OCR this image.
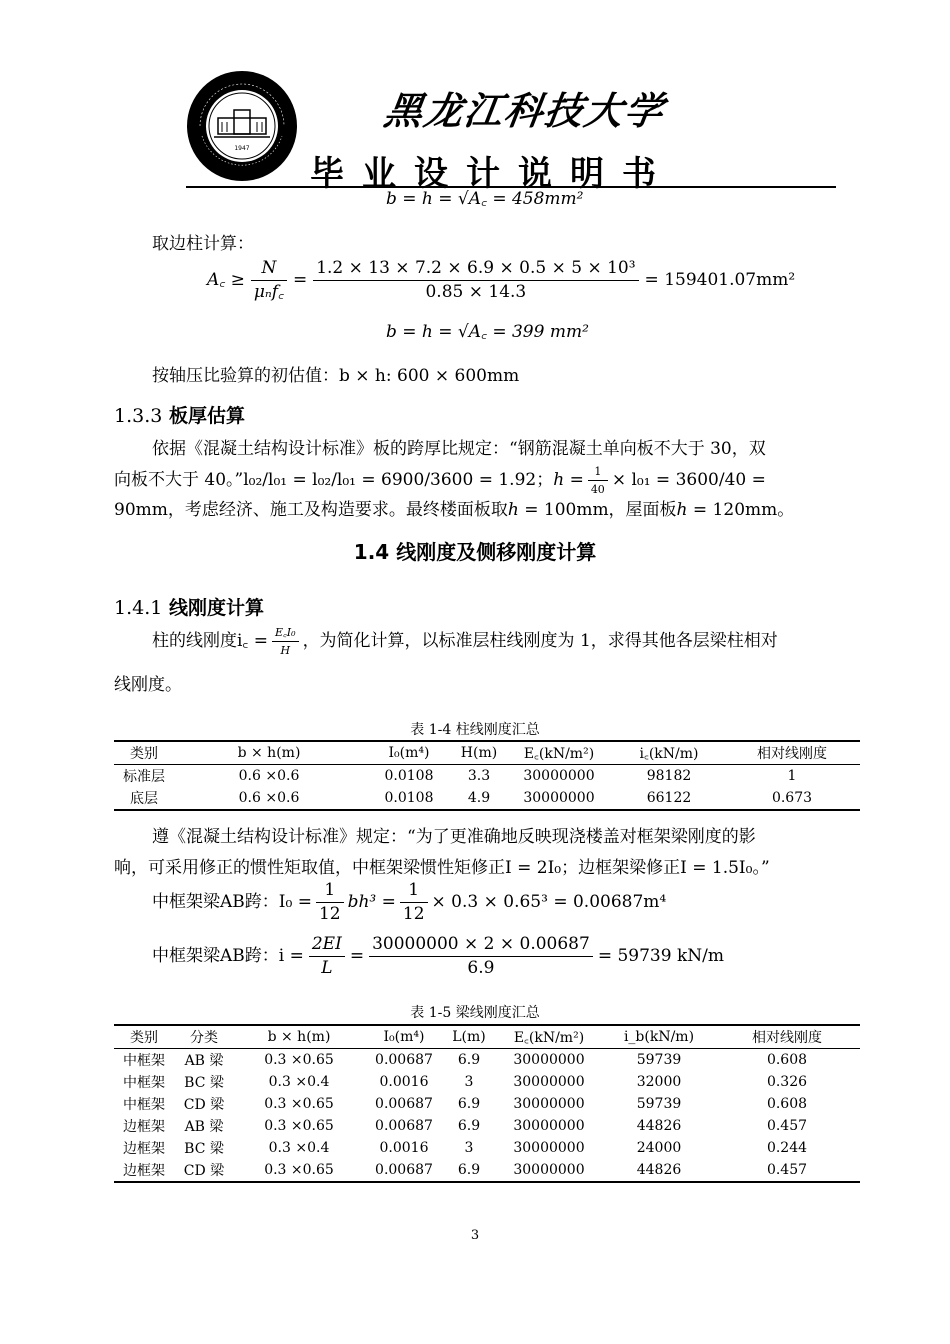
1947
黑龙江科技大学
毕业设计说明书
b = h = √A꜀ = 458mm²
取边柱计算：
A꜀ ≥ $\frac{N}{\text{μₙf꜀}} = \frac{\text{1.2 × 13 × 7.2 × 6.9 × 0.5 × 5 × 10³}}{0.85 \times 14.3} = 159401.07mm^2$
b = h = √A꜀ = 399 mm²
按轴压比验算的初估值：b × h: 600 × 600mm
1.3.3 板厚估算
依据《混凝土结构设计标准》板的跨厚比规定：“钢筋混凝土单向板不大于 30，双
向板不大于 40。”l₀₂/l₀₁ = l₀₂/l₀₁ = 6900/3600 = 1.92；ℎ = $\frac{1}{40} \times l_{01} = 3600/40$ =
90mm，考虑经济、施工及构造要求。最终楼面板取ℎ = 100mm，屋面板ℎ = 120mm。
1.4 线刚度及侧移刚度计算
1.4.1 线刚度计算
柱的线刚度i꜀ = $\frac{\text{E꜀I₀}}{H}$ ，为简化计算，以标准层柱线刚度为 1，求得其他各层梁柱相对
线刚度。
表 1-4 柱线刚度汇总
类别	b × h(m)	I₀(m⁴)	H(m)	E꜀(kN/m²)	i꜀(kN/m)	相对线刚度
标准层	0.6 ×0.6	0.0108	3.3	30000000	98182	1
底层	0.6 ×0.6	0.0108	4.9	30000000	66122	0.673
遵《混凝土结构设计标准》规定：“为了更准确地反映现浇楼盖对框架梁刚度的影
响，可采用修正的惯性矩取值，中框架梁惯性矩修正I = 2I₀；边框架梁修正I = 1.5I₀。”
中框架梁AB跨：$I_0 = \frac{1}{12} bh^3 = \frac{1}{12} \times 0.3 \times 0.65^3 = 0.00687m^4$
中框架梁AB跨：$i = \frac{2EI}{L} = \frac{30000000 \times 2 \times 0.00687}{6.9} = 59739$ kN/m
表 1-5 梁线刚度汇总
类别	分类	b × h(m)	I₀(m⁴)	L(m)	E꜀(kN/m²)	i_b(kN/m)	相对线刚度
中框架	AB 梁	0.3 ×0.65	0.00687	6.9	30000000	59739	0.608
中框架	BC 梁	0.3 ×0.4	0.0016	3	30000000	32000	0.326
中框架	CD 梁	0.3 ×0.65	0.00687	6.9	30000000	59739	0.608
边框架	AB 梁	0.3 ×0.65	0.00687	6.9	30000000	44826	0.457
边框架	BC 梁	0.3 ×0.4	0.0016	3	30000000	24000	0.244
边框架	CD 梁	0.3 ×0.65	0.00687	6.9	30000000	44826	0.457
3
